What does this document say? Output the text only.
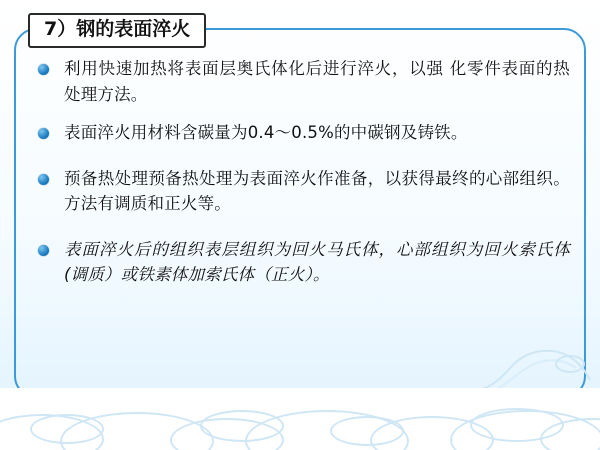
7）钢的表面淬火
利用快速加热将表面层奥氏体化后进行淬火，以强 化零件表面的热处理方法。
表面淬火用材料含碳量为0.4～0.5%的中碳钢及铸铁。
预备热处理预备热处理为表面淬火作准备，以获得最终的心部组织。方法有调质和正火等。
表面淬火后的组织表层组织为回火马氏体，心部组织为回火索氏体(调质）或铁素体加索氏体（正火）。
